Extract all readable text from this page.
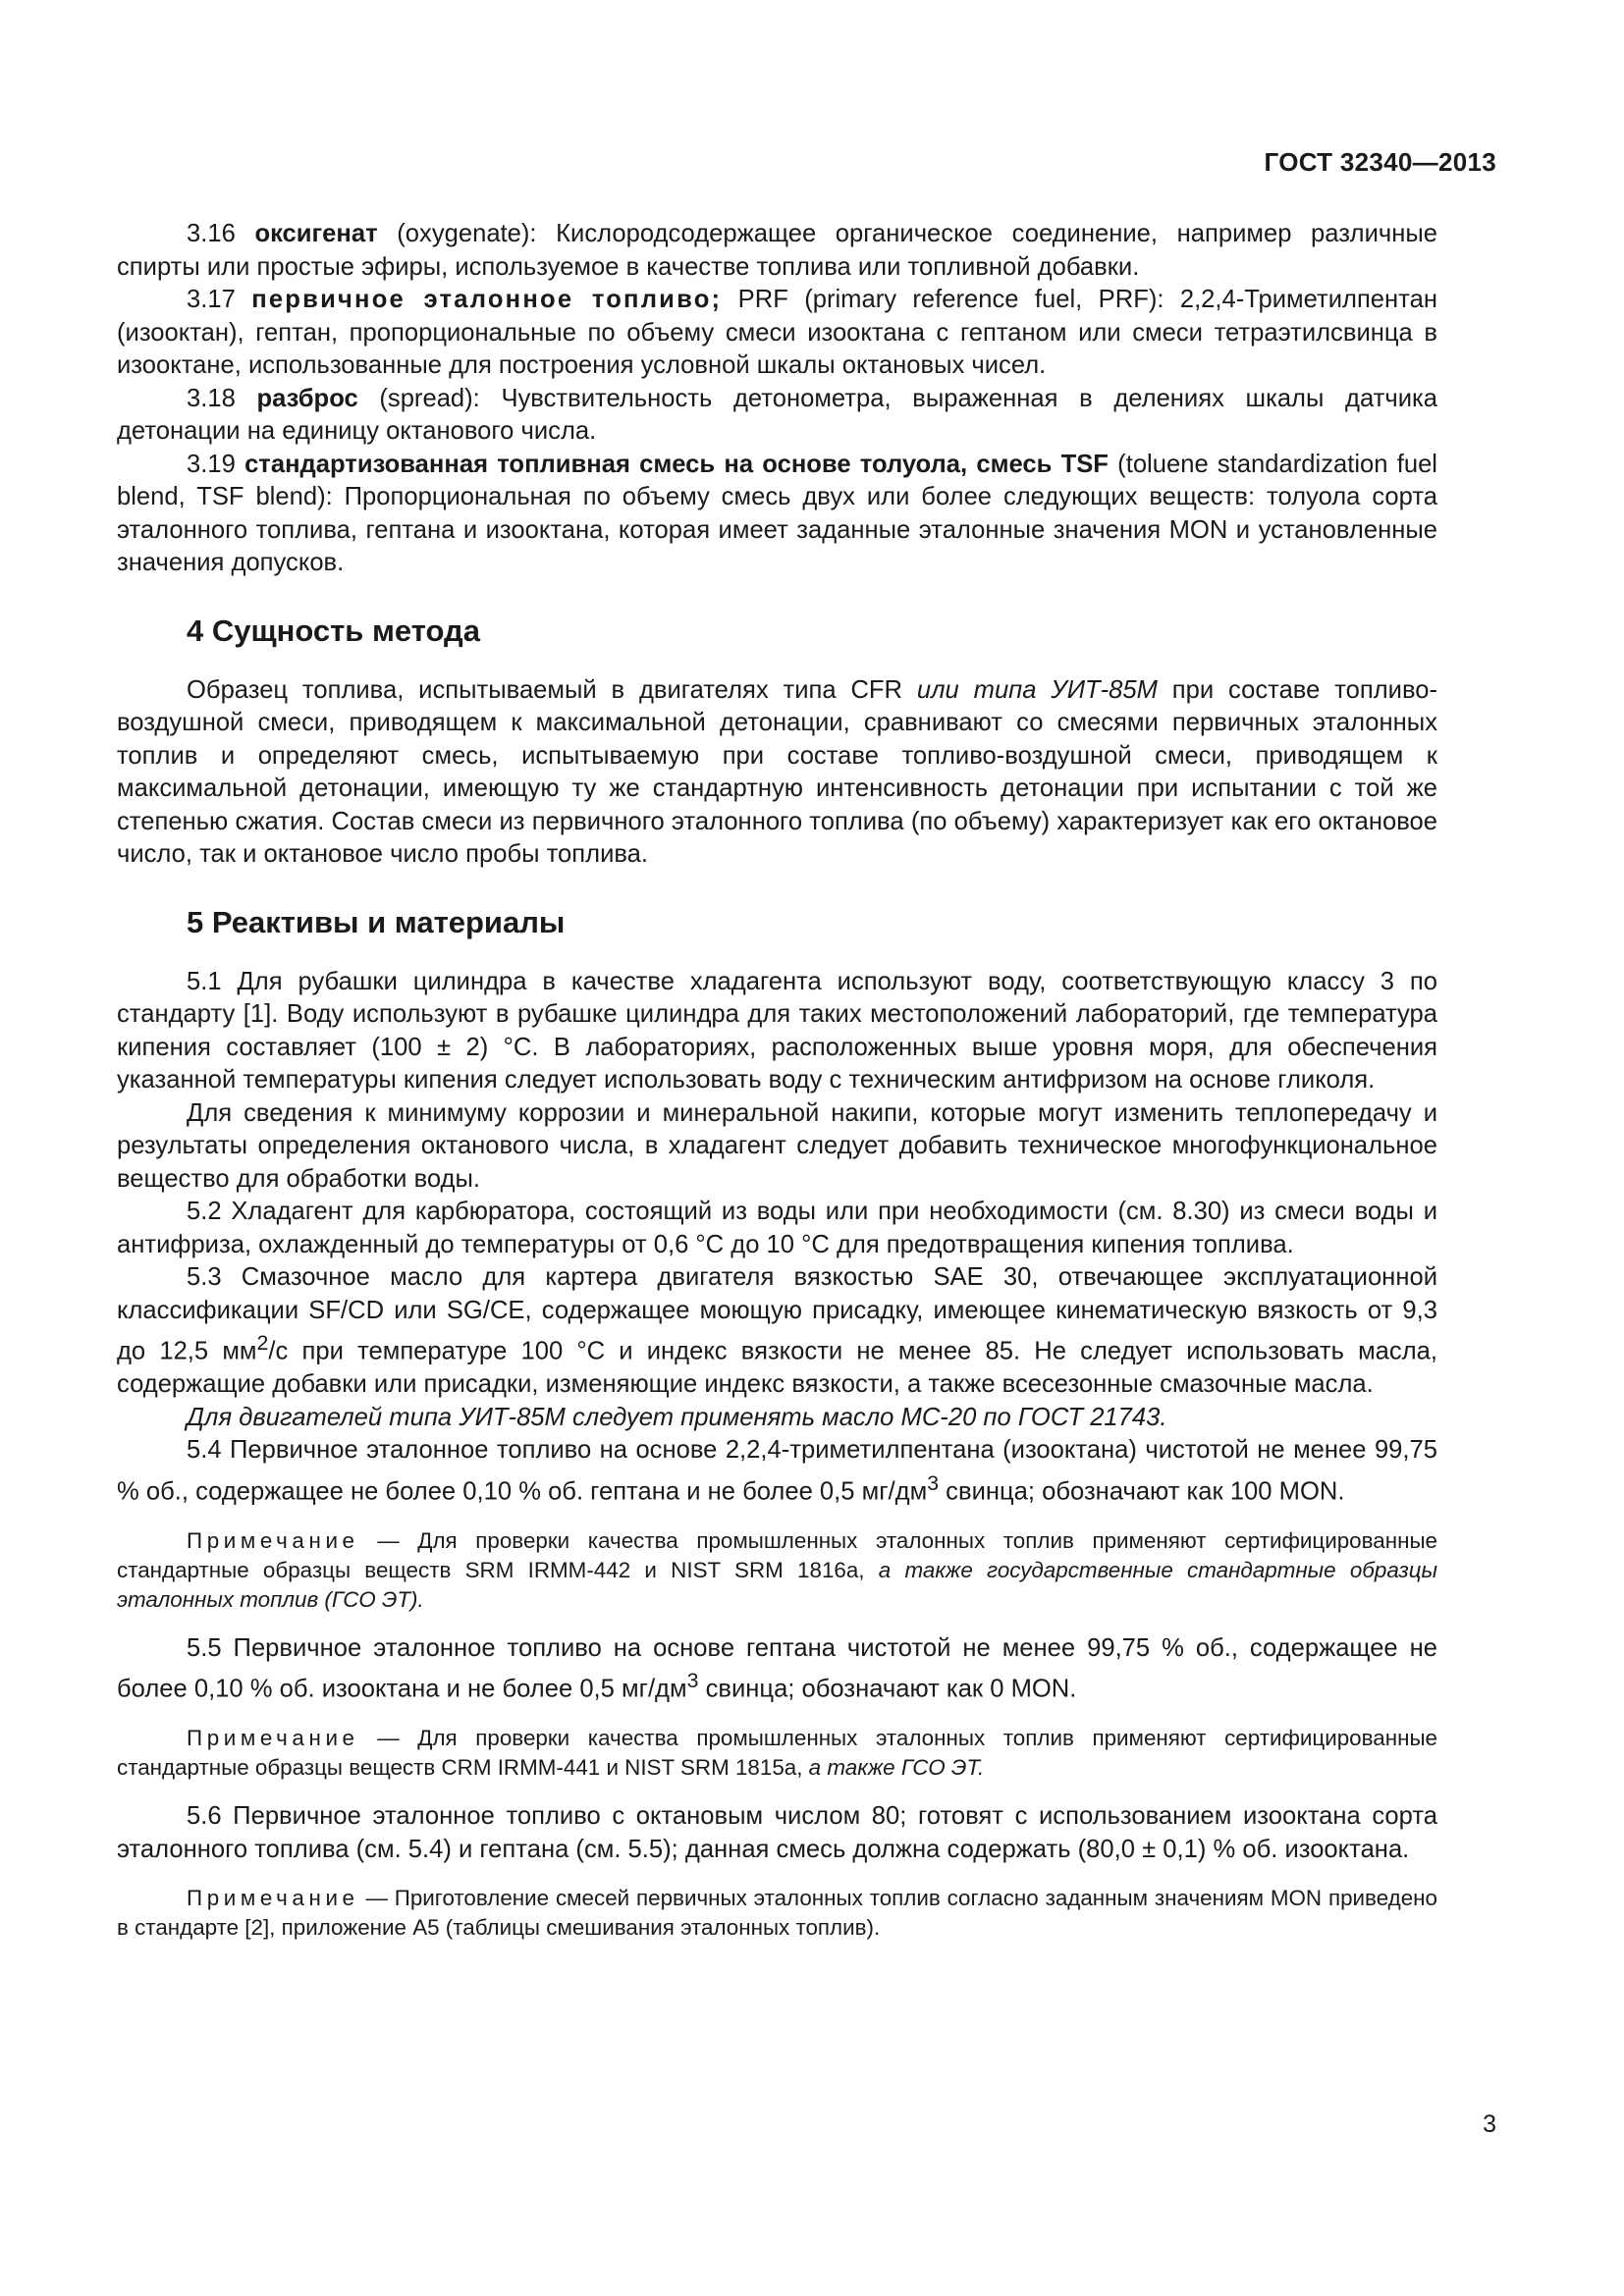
ГОСТ 32340—2013

3.16 оксигенат (oxygenate): Кислородсодержащее органическое соединение, например различные спирты или простые эфиры, используемое в качестве топлива или топливной добавки.

3.17 первичное эталонное топливо; PRF (primary reference fuel, PRF): 2,2,4-Триметилпентан (изооктан), гептан, пропорциональные по объему смеси изооктана с гептаном или смеси тетраэтилсвинца в изооктане, использованные для построения условной шкалы октановых чисел.

3.18 разброс (spread): Чувствительность детонометра, выраженная в делениях шкалы датчика детонации на единицу октанового числа.

3.19 стандартизованная топливная смесь на основе толуола, смесь TSF (toluene standardization fuel blend, TSF blend): Пропорциональная по объему смесь двух или более следующих веществ: толуола сорта эталонного топлива, гептана и изооктана, которая имеет заданные эталонные значения MON и установленные значения допусков.

4 Сущность метода

Образец топлива, испытываемый в двигателях типа CFR или типа УИТ-85М при составе топливо-воздушной смеси, приводящем к максимальной детонации, сравнивают со смесями первичных эталонных топлив и определяют смесь, испытываемую при составе топливо-воздушной смеси, приводящем к максимальной детонации, имеющую ту же стандартную интенсивность детонации при испытании с той же степенью сжатия. Состав смеси из первичного эталонного топлива (по объему) характеризует как его октановое число, так и октановое число пробы топлива.

5 Реактивы и материалы

5.1 Для рубашки цилиндра в качестве хладагента используют воду, соответствующую классу 3 по стандарту [1]. Воду используют в рубашке цилиндра для таких местоположений лабораторий, где температура кипения составляет (100 ± 2) °С. В лабораториях, расположенных выше уровня моря, для обеспечения указанной температуры кипения следует использовать воду с техническим антифризом на основе гликоля.

Для сведения к минимуму коррозии и минеральной накипи, которые могут изменить теплопередачу и результаты определения октанового числа, в хладагент следует добавить техническое многофункциональное вещество для обработки воды.

5.2 Хладагент для карбюратора, состоящий из воды или при необходимости (см. 8.30) из смеси воды и антифриза, охлажденный до температуры от 0,6 °С до 10 °С для предотвращения кипения топлива.

5.3 Смазочное масло для картера двигателя вязкостью SAE 30, отвечающее эксплуатационной классификации SF/CD или SG/CE, содержащее моющую присадку, имеющее кинематическую вязкость от 9,3 до 12,5 $мм^2/с$ при температуре 100 °С и индекс вязкости не менее 85. Не следует использовать масла, содержащие добавки или присадки, изменяющие индекс вязкости, а также всесезонные смазочные масла.

Для двигателей типа УИТ-85М следует применять масло МС-20 по ГОСТ 21743.

5.4 Первичное эталонное топливо на основе 2,2,4-триметилпентана (изооктана) чистотой не менее 99,75 % об., содержащее не более 0,10 % об. гептана и не более 0,5 $мг/дм^3$ свинца; обозначают как 100 MON.

Примечание — Для проверки качества промышленных эталонных топлив применяют сертифицированные стандартные образцы веществ SRM IRMM-442 и NIST SRM 1816a, а также государственные стандартные образцы эталонных топлив (ГСО ЭТ).

5.5 Первичное эталонное топливо на основе гептана чистотой не менее 99,75 % об., содержащее не более 0,10 % об. изооктана и не более 0,5 $мг/дм^3$ свинца; обозначают как 0 MON.

Примечание — Для проверки качества промышленных эталонных топлив применяют сертифицированные стандартные образцы веществ CRM IRMM-441 и NIST SRM 1815a, а также ГСО ЭТ.

5.6 Первичное эталонное топливо с октановым числом 80; готовят с использованием изооктана сорта эталонного топлива (см. 5.4) и гептана (см. 5.5); данная смесь должна содержать (80,0 ± 0,1) % об. изооктана.

Примечание — Приготовление смесей первичных эталонных топлив согласно заданным значениям MON приведено в стандарте [2], приложение А5 (таблицы смешивания эталонных топлив).

3
